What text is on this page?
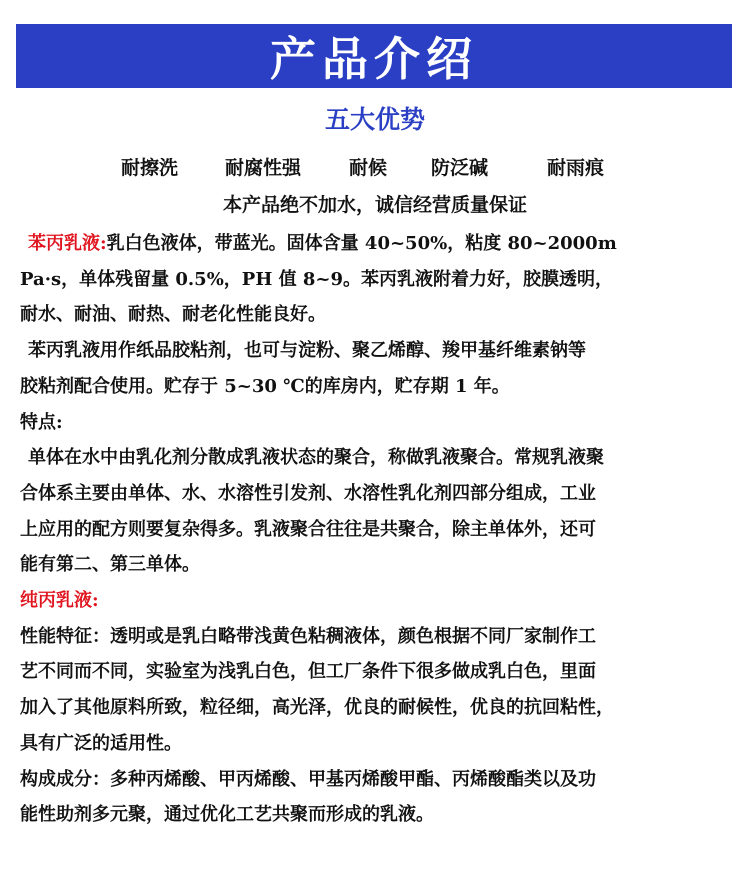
产品介绍
五大优势
耐擦洗 耐腐性强	耐候 防泛碱	耐雨痕
本产品绝不加水，诚信经营质量保证

苯丙乳液:乳白色液体，带蓝光。固体含量 40~50%，粘度 80~2000m

Pa·s，单体残留量 0.5%，PH 值 8~9。苯丙乳液附着力好，胶膜透明，

耐水、耐油、耐热、耐老化性能良好。

苯丙乳液用作纸品胶粘剂，也可与淀粉、聚乙烯醇、羧甲基纤维素钠等

胶粘剂配合使用。贮存于 5~30 ℃的库房内，贮存期 1 年。

特点:

单体在水中由乳化剂分散成乳液状态的聚合，称做乳液聚合。常规乳液聚

合体系主要由单体、水、水溶性引发剂、水溶性乳化剂四部分组成，工业

上应用的配方则要复杂得多。乳液聚合往往是共聚合，除主单体外，还可

能有第二、第三单体。

纯丙乳液:

性能特征：透明或是乳白略带浅黄色粘稠液体，颜色根据不同厂家制作工

艺不同而不同，实验室为浅乳白色，但工厂条件下很多做成乳白色，里面

加入了其他原料所致，粒径细，高光泽，优良的耐候性，优良的抗回粘性，

具有广泛的适用性。

构成成分：多种丙烯酸、甲丙烯酸、甲基丙烯酸甲酯、丙烯酸酯类以及功

能性助剂多元聚，通过优化工艺共聚而形成的乳液。
